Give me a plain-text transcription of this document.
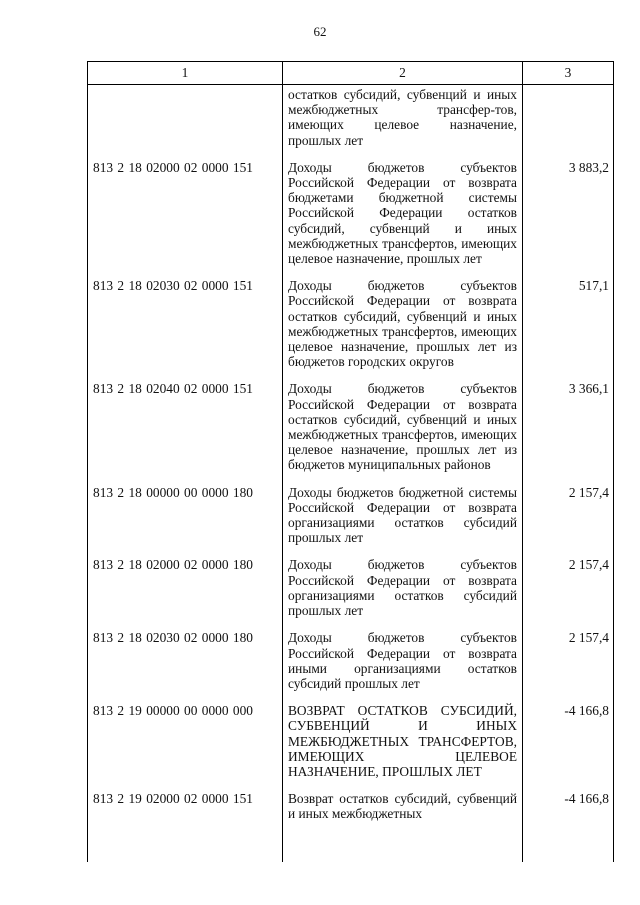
62
1	2	3
	остатков субсидий, субвенций и иных межбюджетных трансфер-тов, имеющих целевое назначение, прошлых лет	
813 2 18 02000 02 0000 151	Доходы бюджетов субъектов Российской Федерации от возврата бюджетами бюджетной системы Российской Федерации остатков субсидий, субвенций и иных межбюджетных трансфертов, имеющих целевое назначение, прошлых лет	3 883,2
813 2 18 02030 02 0000 151	Доходы бюджетов субъектов Российской Федерации от возврата остатков субсидий, субвенций и иных межбюджетных трансфертов, имеющих целевое назначение, прошлых лет из бюджетов городских округов	517,1
813 2 18 02040 02 0000 151	Доходы бюджетов субъектов Российской Федерации от возврата остатков субсидий, субвенций и иных межбюджетных трансфертов, имеющих целевое назначение, прошлых лет из бюджетов муниципальных районов	3 366,1
813 2 18 00000 00 0000 180	Доходы бюджетов бюджетной системы Российской Федерации от возврата организациями остатков субсидий прошлых лет	2 157,4
813 2 18 02000 02 0000 180	Доходы бюджетов субъектов Российской Федерации от возврата организациями остатков субсидий прошлых лет	2 157,4
813 2 18 02030 02 0000 180	Доходы бюджетов субъектов Российской Федерации от возврата иными организациями остатков субсидий прошлых лет	2 157,4
813 2 19 00000 00 0000 000	ВОЗВРАТ ОСТАТКОВ СУБСИДИЙ, СУБВЕНЦИЙ И ИНЫХ МЕЖБЮДЖЕТНЫХ ТРАНСФЕРТОВ, ИМЕЮЩИХ ЦЕЛЕВОЕ НАЗНАЧЕНИЕ, ПРОШЛЫХ ЛЕТ	-4 166,8
813 2 19 02000 02 0000 151	Возврат остатков субсидий, субвенций и иных межбюджетных	-4 166,8
